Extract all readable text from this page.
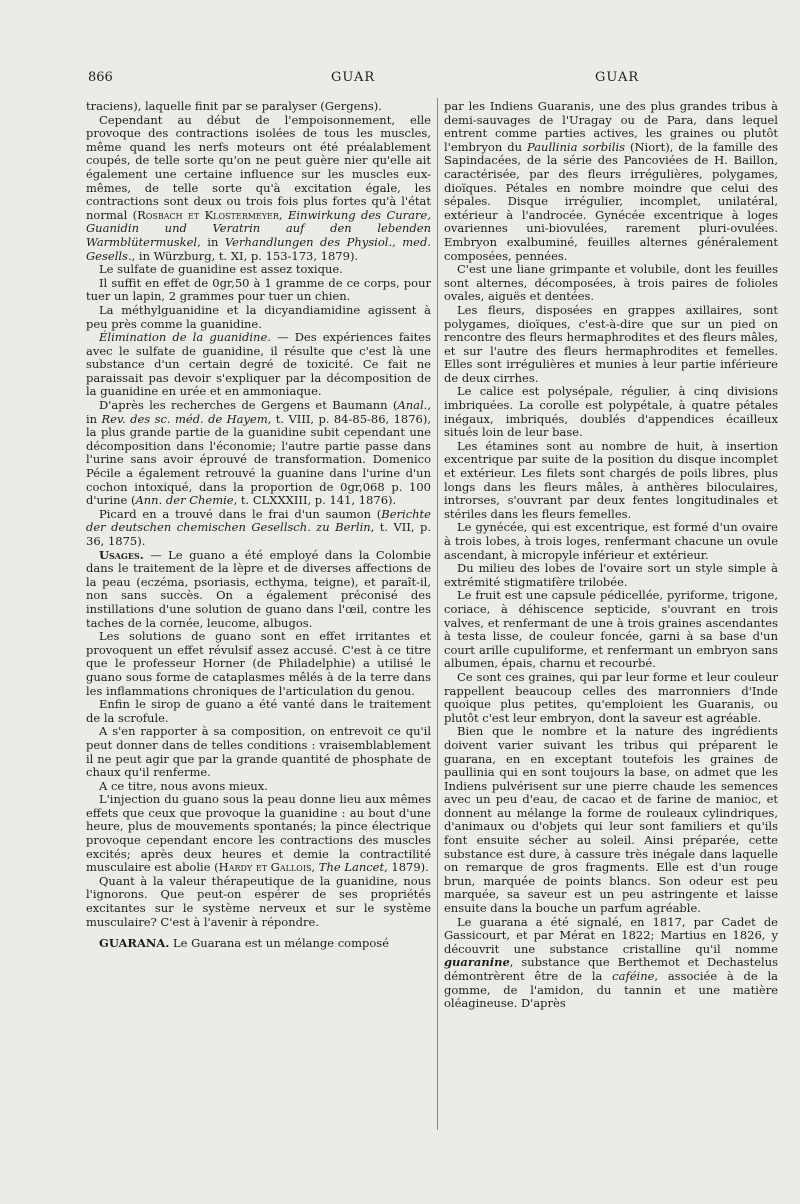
866	GUAR	GUAR

traciens), laquelle finit par se paralyser (Gergens).

Cependant au début de l'empoisonnement, elle provoque des contractions isolées de tous les muscles, même quand les nerfs moteurs ont été préalablement coupés, de telle sorte qu'on ne peut guère nier qu'elle ait également une certaine influence sur les muscles eux-mêmes, de telle sorte qu'à excitation égale, les contractions sont deux ou trois fois plus fortes qu'à l'état normal (Rosbach et Klostermeyer, Einwirkung des Curare, Guanidin und Veratrin auf den lebenden Warmblütermuskel, in Verhandlungen des Physiol., med. Gesells., in Würzburg, t. XI, p. 153-173, 1879).

Le sulfate de guanidine est assez toxique.

Il suffit en effet de 0gr,50 à 1 gramme de ce corps, pour tuer un lapin, 2 grammes pour tuer un chien.

La méthylguanidine et la dicyandiamidine agissent à peu près comme la guanidine.

Élimination de la guanidine. — Des expériences faites avec le sulfate de guanidine, il résulte que c'est là une substance d'un certain degré de toxicité. Ce fait ne paraissait pas devoir s'expliquer par la décomposition de la guanidine en urée et en ammoniaque.

D'après les recherches de Gergens et Baumann (Anal., in Rev. des sc. méd. de Hayem, t. VIII, p. 84-85-86, 1876), la plus grande partie de la guanidine subit cependant une décomposition dans l'économie; l'autre partie passe dans l'urine sans avoir éprouvé de transformation. Domenico Pécile a également retrouvé la guanine dans l'urine d'un cochon intoxiqué, dans la proportion de 0gr,068 p. 100 d'urine (Ann. der Chemie, t. CLXXXIII, p. 141, 1876).

Picard en a trouvé dans le frai d'un saumon (Berichte der deutschen chemischen Gesellsch. zu Berlin, t. VII, p. 36, 1875).

Usages. — Le guano a été employé dans la Colombie dans le traitement de la lèpre et de diverses affections de la peau (eczéma, psoriasis, ecthyma, teigne), et paraît-il, non sans succès. On a également préconisé des instillations d'une solution de guano dans l'œil, contre les taches de la cornée, leucome, albugos.

Les solutions de guano sont en effet irritantes et provoquent un effet révulsif assez accusé. C'est à ce titre que le professeur Horner (de Philadelphie) a utilisé le guano sous forme de cataplasmes mêlés à de la terre dans les inflammations chroniques de l'articulation du genou.

Enfin le sirop de guano a été vanté dans le traitement de la scrofule.

A s'en rapporter à sa composition, on entrevoit ce qu'il peut donner dans de telles conditions : vraisemblablement il ne peut agir que par la grande quantité de phosphate de chaux qu'il renferme.

A ce titre, nous avons mieux.

L'injection du guano sous la peau donne lieu aux mêmes effets que ceux que provoque la guanidine : au bout d'une heure, plus de mouvements spontanés; la pince électrique provoque cependant encore les contractions des muscles excités; après deux heures et demie la contractilité musculaire est abolie (Hardy et Gallois, The Lancet, 1879).

Quant à la valeur thérapeutique de la guanidine, nous l'ignorons. Que peut-on espérer de ses propriétés excitantes sur le système nerveux et sur le système musculaire? C'est à l'avenir à répondre.

GUARANA. Le Guarana est un mélange composé

par les Indiens Guaranis, une des plus grandes tribus à demi-sauvages de l'Uragay ou de Para, dans lequel entrent comme parties actives, les graines ou plutôt l'embryon du Paullinia sorbilis (Niort), de la famille des Sapindacées, de la série des Pancoviées de H. Baillon, caractérisée, par des fleurs irrégulières, polygames, dioïques. Pétales en nombre moindre que celui des sépales. Disque irrégulier, incomplet, unilatéral, extérieur à l'androcée. Gynécée excentrique à loges ovariennes uni-biovulées, rarement pluri-ovulées. Embryon exalbuminé, feuilles alternes généralement composées, pennées.

C'est une liane grimpante et volubile, dont les feuilles sont alternes, décomposées, à trois paires de folioles ovales, aiguës et dentées.

Les fleurs, disposées en grappes axillaires, sont polygames, dioïques, c'est-à-dire que sur un pied on rencontre des fleurs hermaphrodites et des fleurs mâles, et sur l'autre des fleurs hermaphrodites et femelles. Elles sont irrégulières et munies à leur partie inférieure de deux cirrhes.

Le calice est polysépale, régulier, à cinq divisions imbriquées. La corolle est polypétale, à quatre pétales inégaux, imbriqués, doublés d'appendices écailleux situés loin de leur base.

Les étamines sont au nombre de huit, à insertion excentrique par suite de la position du disque incomplet et extérieur. Les filets sont chargés de poils libres, plus longs dans les fleurs mâles, à anthères biloculaires, introrses, s'ouvrant par deux fentes longitudinales et stériles dans les fleurs femelles.

Le gynécée, qui est excentrique, est formé d'un ovaire à trois lobes, à trois loges, renfermant chacune un ovule ascendant, à micropyle inférieur et extérieur.

Du milieu des lobes de l'ovaire sort un style simple à extrémité stigmatifère trilobée.

Le fruit est une capsule pédicellée, pyriforme, trigone, coriace, à déhiscence septicide, s'ouvrant en trois valves, et renfermant de une à trois graines ascendantes à testa lisse, de couleur foncée, garni à sa base d'un court arille cupuliforme, et renfermant un embryon sans albumen, épais, charnu et recourbé.

Ce sont ces graines, qui par leur forme et leur couleur rappellent beaucoup celles des marronniers d'Inde quoique plus petites, qu'emploient les Guaranis, ou plutôt c'est leur embryon, dont la saveur est agréable.

Bien que le nombre et la nature des ingrédients doivent varier suivant les tribus qui préparent le guarana, en en exceptant toutefois les graines de paullinia qui en sont toujours la base, on admet que les Indiens pulvérisent sur une pierre chaude les semences avec un peu d'eau, de cacao et de farine de manioc, et donnent au mélange la forme de rouleaux cylindriques, d'animaux ou d'objets qui leur sont familiers et qu'ils font ensuite sécher au soleil. Ainsi préparée, cette substance est dure, à cassure très inégale dans laquelle on remarque de gros fragments. Elle est d'un rouge brun, marquée de points blancs. Son odeur est peu marquée, sa saveur est un peu astringente et laisse ensuite dans la bouche un parfum agréable.

Le guarana a été signalé, en 1817, par Cadet de Gassicourt, et par Mérat en 1822; Martius en 1826, y découvrit une substance cristalline qu'il nomme guaranine, substance que Berthemot et Dechastelus démontrèrent être de la caféine, associée à de la gomme, de l'amidon, du tannin et une matière oléagineuse. D'après
